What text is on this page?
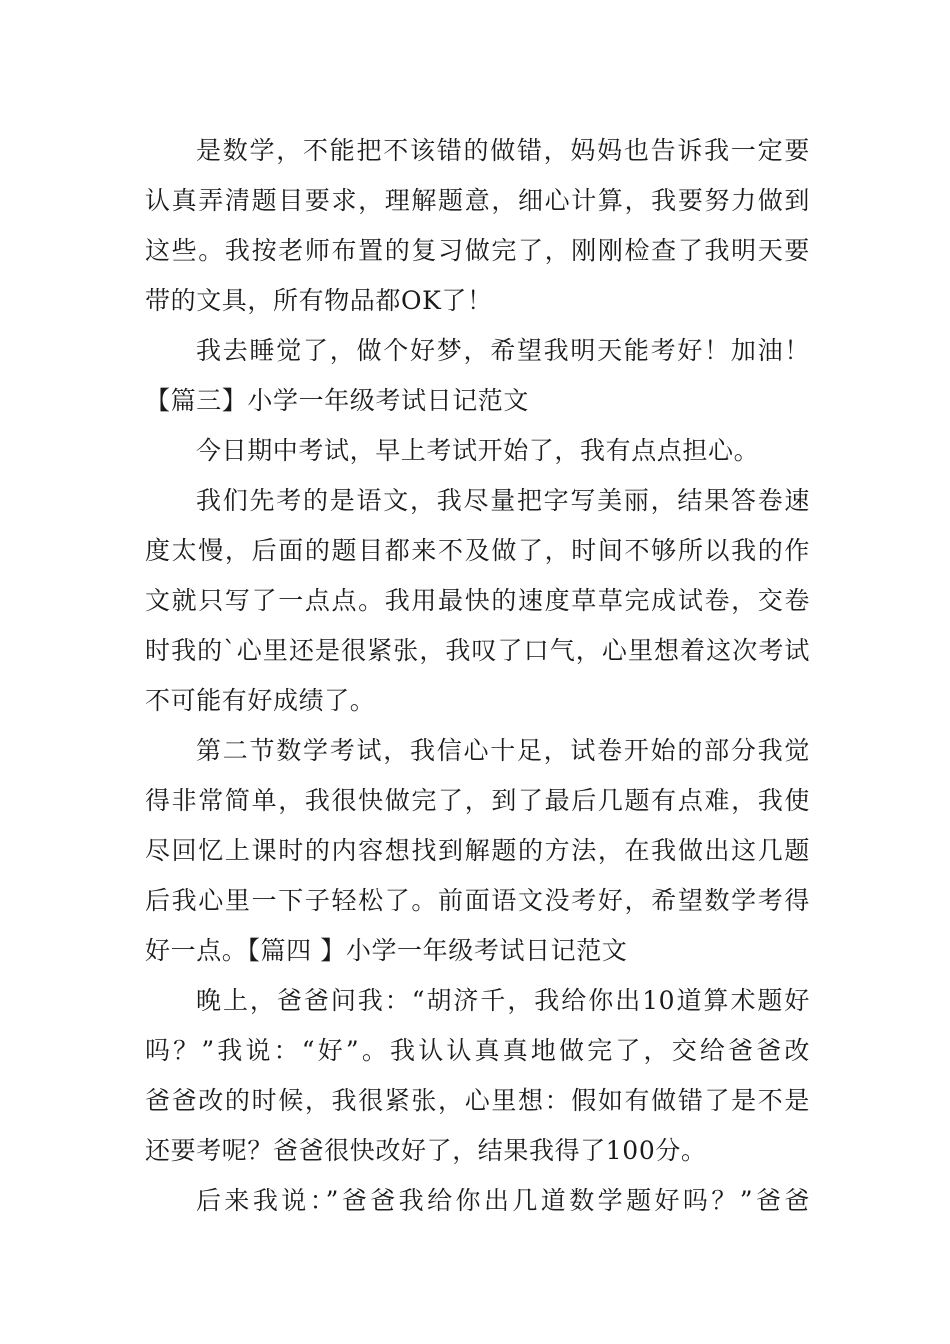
是数学，不能把不该错的做错，妈妈也告诉我一定要
认真弄清题目要求，理解题意，细心计算，我要努力做到
这些。我按老师布置的复习做完了，刚刚检查了我明天要
带的文具，所有物品都OK了！
我去睡觉了，做个好梦，希望我明天能考好！加油！
【篇三】小学一年级考试日记范文
今日期中考试，早上考试开始了，我有点点担心。
我们先考的是语文，我尽量把字写美丽，结果答卷速
度太慢，后面的题目都来不及做了，时间不够所以我的作
文就只写了一点点。我用最快的速度草草完成试卷，交卷
时我的`心里还是很紧张，我叹了口气，心里想着这次考试
不可能有好成绩了。
第二节数学考试，我信心十足，试卷开始的部分我觉
得非常简单，我很快做完了，到了最后几题有点难，我使
尽回忆上课时的内容想找到解题的方法，在我做出这几题
后我心里一下子轻松了。前面语文没考好，希望数学考得
好一点。【篇四 】小学一年级考试日记范文
晚上，爸爸问我：“胡济千，我给你出10道算术题好
吗？”我说：“好”。我认认真真地做完了，交给爸爸改
爸爸改的时候，我很紧张，心里想：假如有做错了是不是
还要考呢？爸爸很快改好了，结果我得了100分。
后来我说：”爸爸我给你出几道数学题好吗？”爸爸
